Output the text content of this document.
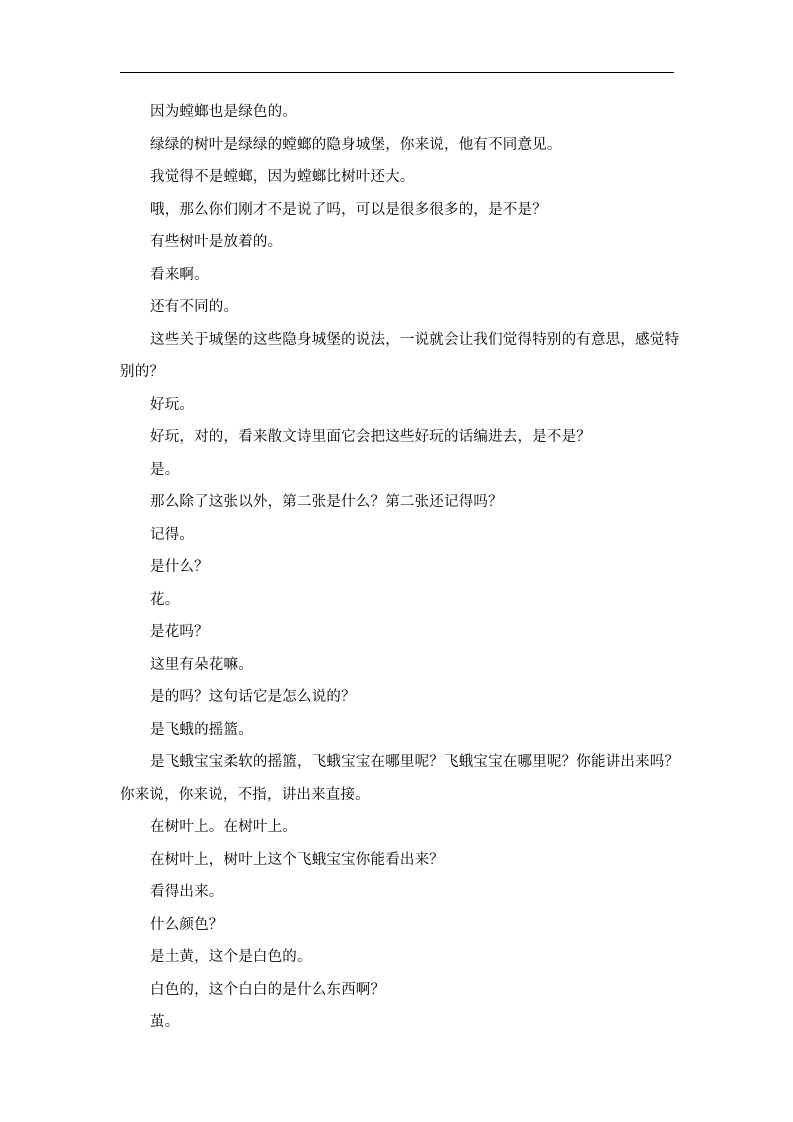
因为螳螂也是绿色的。

绿绿的树叶是绿绿的螳螂的隐身城堡，你来说，他有不同意见。

我觉得不是螳螂，因为螳螂比树叶还大。

哦，那么你们刚才不是说了吗，可以是很多很多的，是不是？

有些树叶是放着的。

看来啊。

还有不同的。

这些关于城堡的这些隐身城堡的说法，一说就会让我们觉得特别的有意思，感觉特别的？

好玩。

好玩，对的，看来散文诗里面它会把这些好玩的话编进去，是不是？

是。

那么除了这张以外，第二张是什么？第二张还记得吗？

记得。

是什么？

花。

是花吗？

这里有朵花嘛。

是的吗？这句话它是怎么说的？

是飞蛾的摇篮。

是飞蛾宝宝柔软的摇篮，飞蛾宝宝在哪里呢？飞蛾宝宝在哪里呢？你能讲出来吗？你来说，你来说，不指，讲出来直接。

在树叶上。在树叶上。

在树叶上，树叶上这个飞蛾宝宝你能看出来？

看得出来。

什么颜色？

是土黄，这个是白色的。

白色的，这个白白的是什么东西啊？

茧。
